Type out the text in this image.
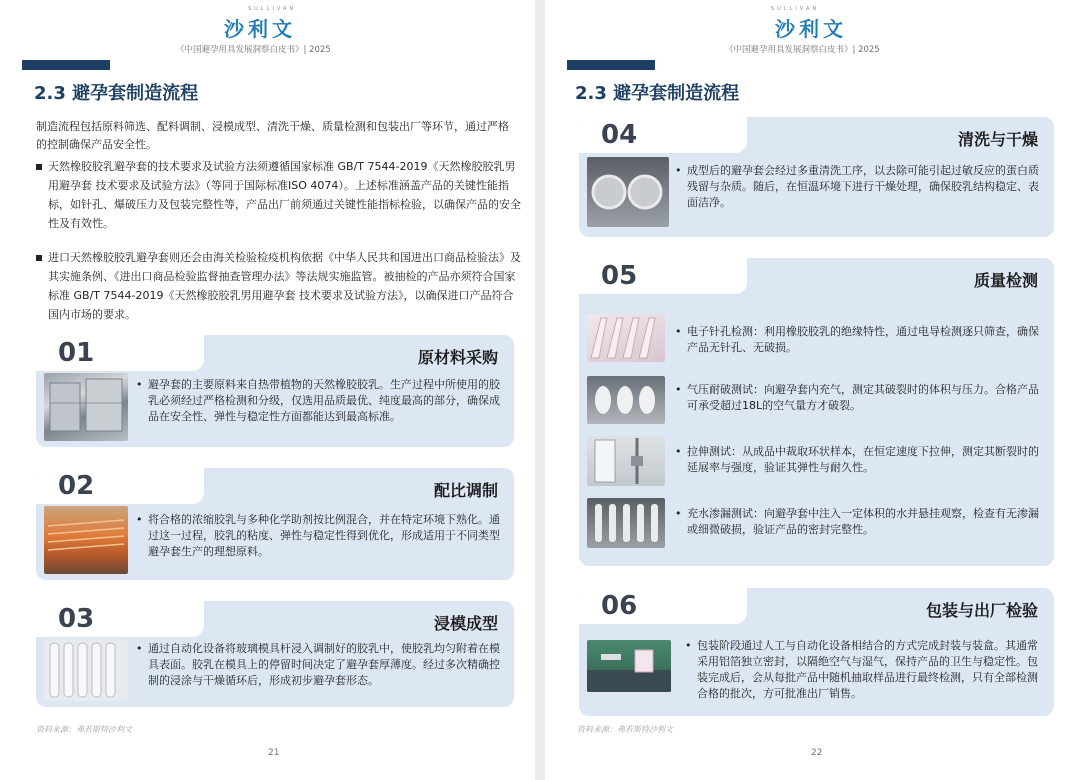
SULLIVAN
沙利文
《中国避孕用具发展洞察白皮书》| 2025
2.3 避孕套制造流程
制造流程包括原料筛选、配料调制、浸模成型、清洗干燥、质量检测和包装出厂等环节，通过严格的控制确保产品安全性。
天然橡胶胶乳避孕套的技术要求及试验方法须遵循国家标准 GB/T 7544-2019《天然橡胶胶乳男用避孕套 技术要求及试验方法》（等同于国际标准ISO 4074）。上述标准涵盖产品的关键性能指标，如针孔、爆破压力及包装完整性等，产品出厂前须通过关键性能指标检验，以确保产品的安全性及有效性。
进口天然橡胶胶乳避孕套则还会由海关检验检疫机构依据《中华人民共和国进出口商品检验法》及其实施条例、《进出口商品检验监督抽查管理办法》等法规实施监管。被抽检的产品亦须符合国家标准 GB/T 7544-2019《天然橡胶胶乳男用避孕套 技术要求及试验方法》，以确保进口产品符合国内市场的要求。
01	原材料采购
• 避孕套的主要原料来自热带植物的天然橡胶胶乳。生产过程中所使用的胶乳必须经过严格检测和分级，仅选用品质最优、纯度最高的部分，确保成品在安全性、弹性与稳定性方面都能达到最高标准。
02	配比调制
• 将合格的浓缩胶乳与多种化学助剂按比例混合，并在特定环境下熟化。通过这一过程，胶乳的粘度、弹性与稳定性得到优化，形成适用于不同类型避孕套生产的理想原料。
03	浸模成型
• 通过自动化设备将玻璃模具杆浸入调制好的胶乳中，使胶乳均匀附着在模具表面。胶乳在模具上的停留时间决定了避孕套厚薄度。经过多次精确控制的浸涂与干燥循环后，形成初步避孕套形态。
资料来源：弗若斯特沙利文
21
SULLIVAN
沙利文
《中国避孕用具发展洞察白皮书》| 2025
2.3 避孕套制造流程
04	清洗与干燥
• 成型后的避孕套会经过多重清洗工序，以去除可能引起过敏反应的蛋白质残留与杂质。随后，在恒温环境下进行干燥处理，确保胶乳结构稳定、表面洁净。
05	质量检测
• 电子针孔检测：利用橡胶胶乳的绝缘特性，通过电导检测逐只筛查，确保产品无针孔、无破损。
• 气压耐破测试：向避孕套内充气，测定其破裂时的体积与压力。合格产品可承受超过18L的空气量方才破裂。
• 拉伸测试：从成品中裁取环状样本，在恒定速度下拉伸，测定其断裂时的延展率与强度，验证其弹性与耐久性。
• 充水渗漏测试：向避孕套中注入一定体积的水并悬挂观察，检查有无渗漏或细微破损，验证产品的密封完整性。
06	包装与出厂检验
• 包装阶段通过人工与自动化设备相结合的方式完成封装与装盒。其通常采用铝箔独立密封，以隔绝空气与湿气，保持产品的卫生与稳定性。包装完成后，会从每批产品中随机抽取样品进行最终检测，只有全部检测合格的批次，方可批准出厂销售。
资料来源：弗若斯特沙利文
22
